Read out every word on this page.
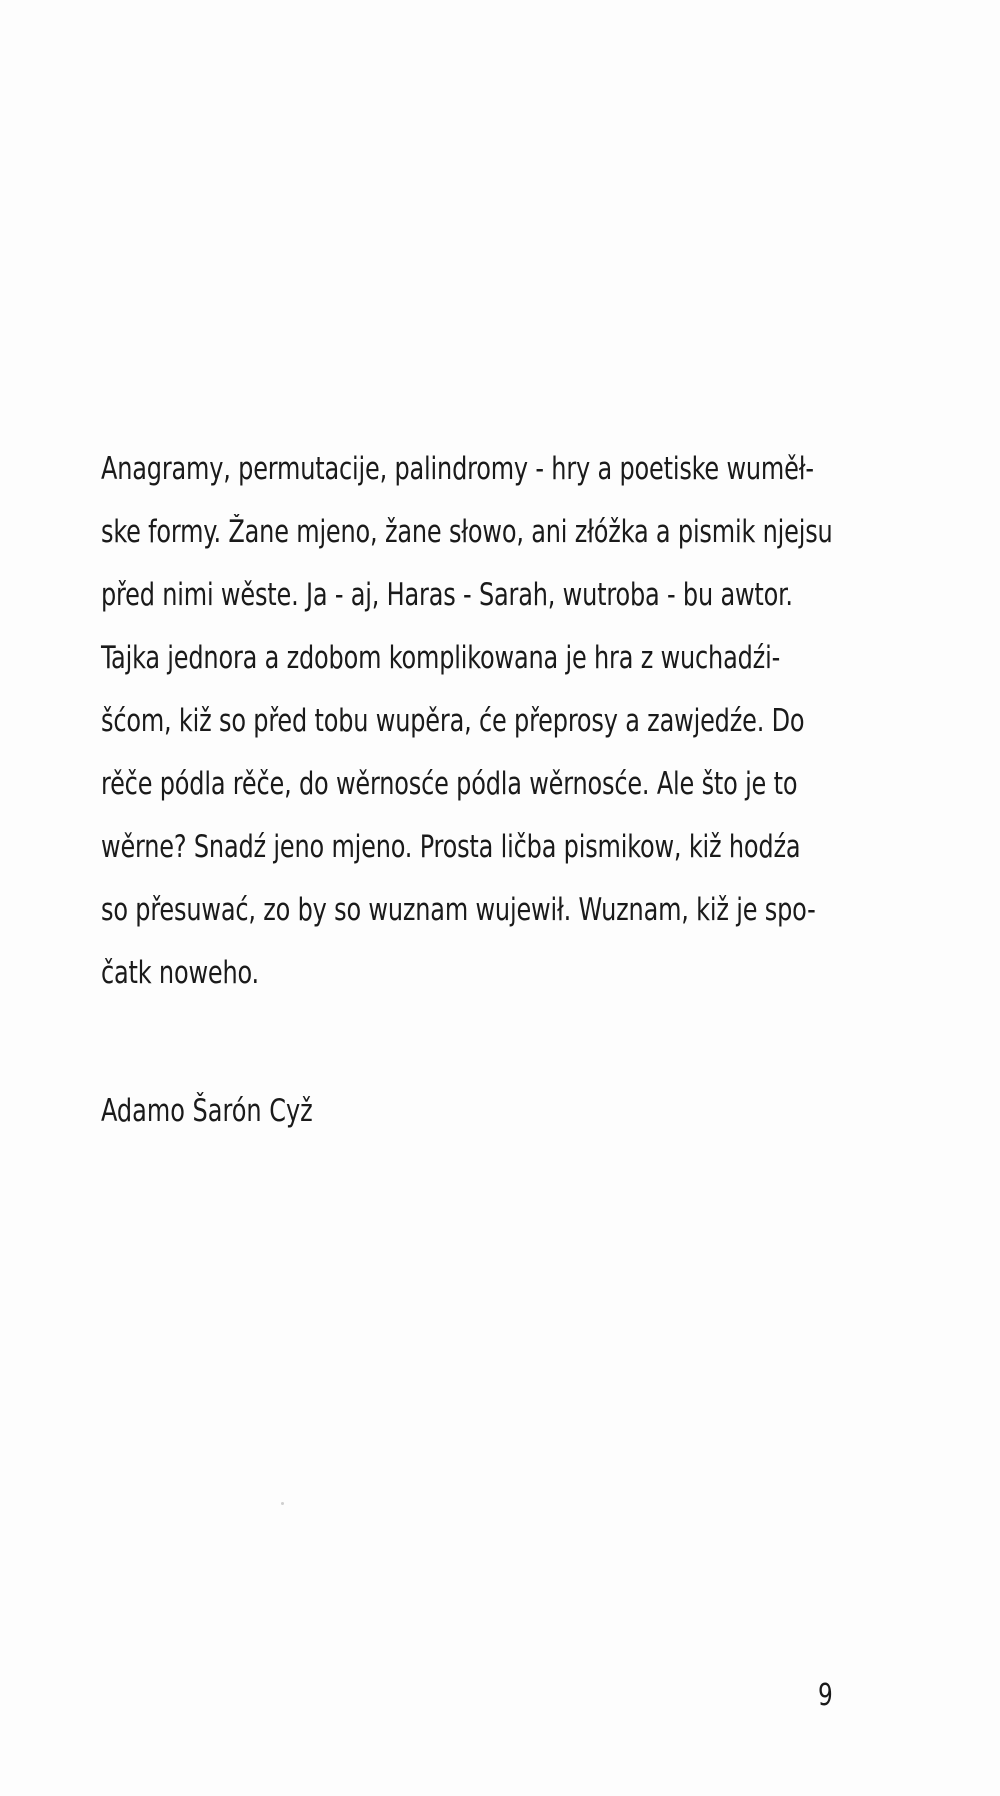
Anagramy, permutacije, palindromy - hry a poetiske wuměł-
ske formy. Žane mjeno, žane słowo, ani złóžka a pismik njejsu
před nimi wěste. Ja - aj, Haras - Sarah, wutroba - bu awtor.
Tajka jednora a zdobom komplikowana je hra z wuchadźi-
šćom, kiž so před tobu wupěra, će přeprosy a zawjedźe. Do
rěče pódla rěče, do wěrnosće pódla wěrnosće. Ale što je to
wěrne? Snadź jeno mjeno. Prosta ličba pismikow, kiž hodźa
so přesuwać, zo by so wuznam wujewił. Wuznam, kiž je spo-
čatk noweho.

Adamo Šarón Cyž

9
